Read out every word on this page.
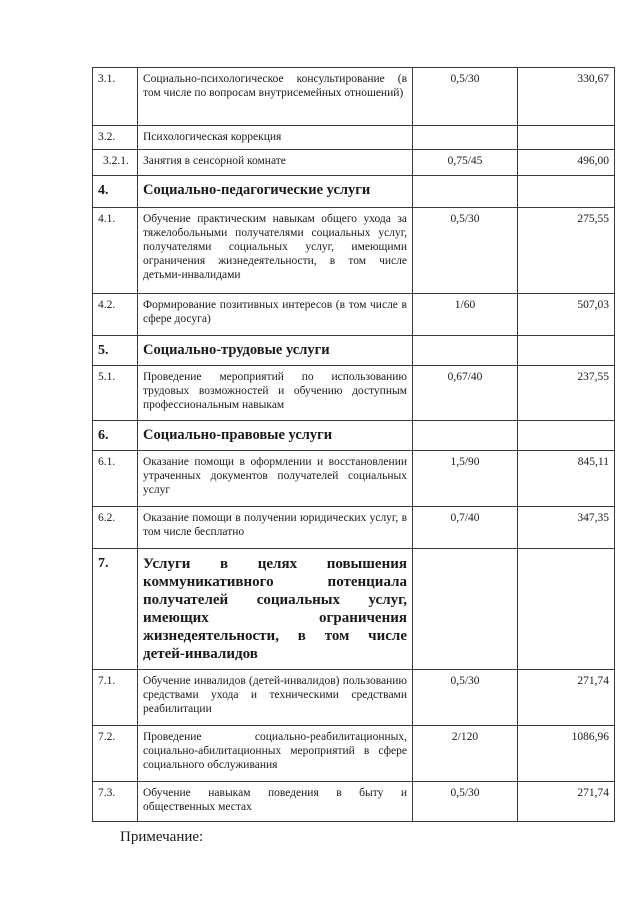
3.1.	Социально-психологическое консультирование (в том числе по вопросам внутрисемейных отношений)	0,5/30	330,67
3.2.	Психологическая коррекция		
3.2.1.	Занятия в сенсорной комнате	0,75/45	496,00
4.	Социально-педагогические услуги		
4.1.	Обучение практическим навыкам общего ухода за тяжелобольными получателями социальных услуг, получателями социальных услуг, имеющими ограничения жизнедеятельности, в том числе детьми-инвалидами	0,5/30	275,55
4.2.	Формирование позитивных интересов (в том числе в сфере досуга)	1/60	507,03
5.	Социально-трудовые услуги		
5.1.	Проведение мероприятий по использованию трудовых возможностей и обучению доступным профессиональным навыкам	0,67/40	237,55
6.	Социально-правовые услуги		
6.1.	Оказание помощи в оформлении и восстановлении утраченных документов получателей социальных услуг	1,5/90	845,11
6.2.	Оказание помощи в получении юридических услуг, в том числе бесплатно	0,7/40	347,35
7.	Услуги в целях повышения коммуникативного потенциала получателей социальных услуг, имеющих ограничения жизнедеятельности, в том числе детей-инвалидов		
7.1.	Обучение инвалидов (детей-инвалидов) пользованию средствами ухода и техническими средствами реабилитации	0,5/30	271,74
7.2.	Проведение социально-реабилитационных, социально-абилитационных мероприятий в сфере социального обслуживания	2/120	1086,96
7.3.	Обучение навыкам поведения в быту и общественных местах	0,5/30	271,74
Примечание:
